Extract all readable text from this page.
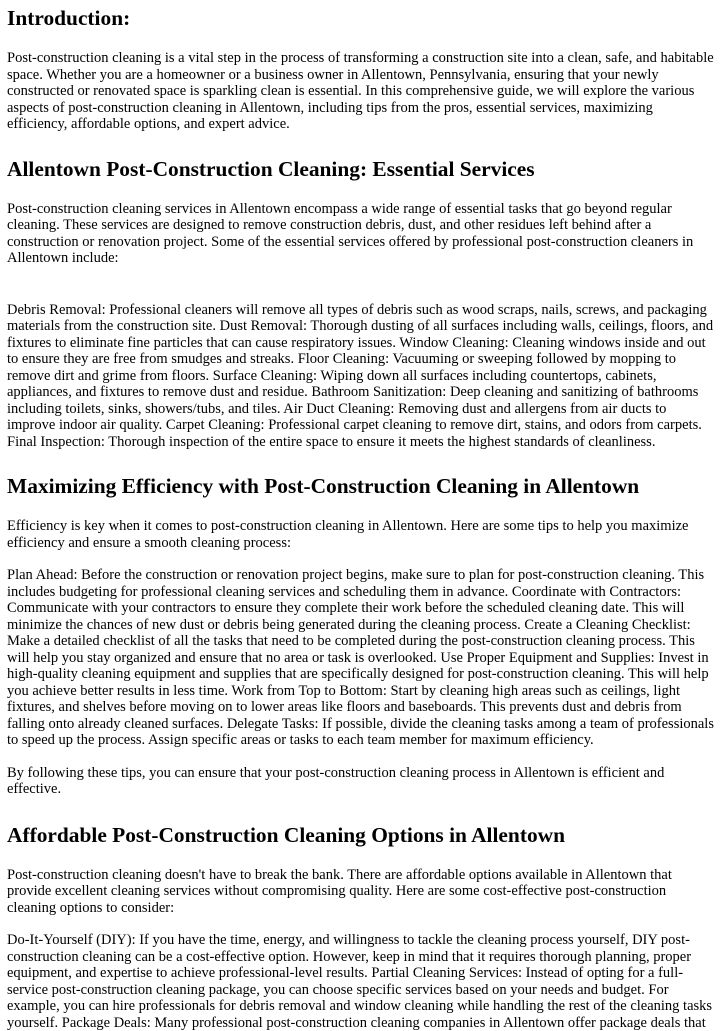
Introduction:

Post-construction cleaning is a vital step in the process of transforming a construction site into a clean, safe, and habitable space. Whether you are a homeowner or a business owner in Allentown, Pennsylvania, ensuring that your newly constructed or renovated space is sparkling clean is essential. In this comprehensive guide, we will explore the various aspects of post-construction cleaning in Allentown, including tips from the pros, essential services, maximizing efficiency, affordable options, and expert advice.

Allentown Post-Construction Cleaning: Essential Services

Post-construction cleaning services in Allentown encompass a wide range of essential tasks that go beyond regular cleaning. These services are designed to remove construction debris, dust, and other residues left behind after a construction or renovation project. Some of the essential services offered by professional post-construction cleaners in Allentown include:

Debris Removal: Professional cleaners will remove all types of debris such as wood scraps, nails, screws, and packaging materials from the construction site. Dust Removal: Thorough dusting of all surfaces including walls, ceilings, floors, and fixtures to eliminate fine particles that can cause respiratory issues. Window Cleaning: Cleaning windows inside and out to ensure they are free from smudges and streaks. Floor Cleaning: Vacuuming or sweeping followed by mopping to remove dirt and grime from floors. Surface Cleaning: Wiping down all surfaces including countertops, cabinets, appliances, and fixtures to remove dust and residue. Bathroom Sanitization: Deep cleaning and sanitizing of bathrooms including toilets, sinks, showers/tubs, and tiles. Air Duct Cleaning: Removing dust and allergens from air ducts to improve indoor air quality. Carpet Cleaning: Professional carpet cleaning to remove dirt, stains, and odors from carpets. Final Inspection: Thorough inspection of the entire space to ensure it meets the highest standards of cleanliness.

Maximizing Efficiency with Post-Construction Cleaning in Allentown

Efficiency is key when it comes to post-construction cleaning in Allentown. Here are some tips to help you maximize efficiency and ensure a smooth cleaning process:

Plan Ahead: Before the construction or renovation project begins, make sure to plan for post-construction cleaning. This includes budgeting for professional cleaning services and scheduling them in advance. Coordinate with Contractors: Communicate with your contractors to ensure they complete their work before the scheduled cleaning date. This will minimize the chances of new dust or debris being generated during the cleaning process. Create a Cleaning Checklist: Make a detailed checklist of all the tasks that need to be completed during the post-construction cleaning process. This will help you stay organized and ensure that no area or task is overlooked. Use Proper Equipment and Supplies: Invest in high-quality cleaning equipment and supplies that are specifically designed for post-construction cleaning. This will help you achieve better results in less time. Work from Top to Bottom: Start by cleaning high areas such as ceilings, light fixtures, and shelves before moving on to lower areas like floors and baseboards. This prevents dust and debris from falling onto already cleaned surfaces. Delegate Tasks: If possible, divide the cleaning tasks among a team of professionals to speed up the process. Assign specific areas or tasks to each team member for maximum efficiency.

By following these tips, you can ensure that your post-construction cleaning process in Allentown is efficient and effective.

Affordable Post-Construction Cleaning Options in Allentown

Post-construction cleaning doesn't have to break the bank. There are affordable options available in Allentown that provide excellent cleaning services without compromising quality. Here are some cost-effective post-construction cleaning options to consider:

Do-It-Yourself (DIY): If you have the time, energy, and willingness to tackle the cleaning process yourself, DIY post-construction cleaning can be a cost-effective option. However, keep in mind that it requires thorough planning, proper equipment, and expertise to achieve professional-level results. Partial Cleaning Services: Instead of opting for a full-service post-construction cleaning package, you can choose specific services based on your needs and budget. For example, you can hire professionals for debris removal and window cleaning while handling the rest of the cleaning tasks yourself. Package Deals: Many professional post-construction cleaning companies in Allentown offer package deals that
